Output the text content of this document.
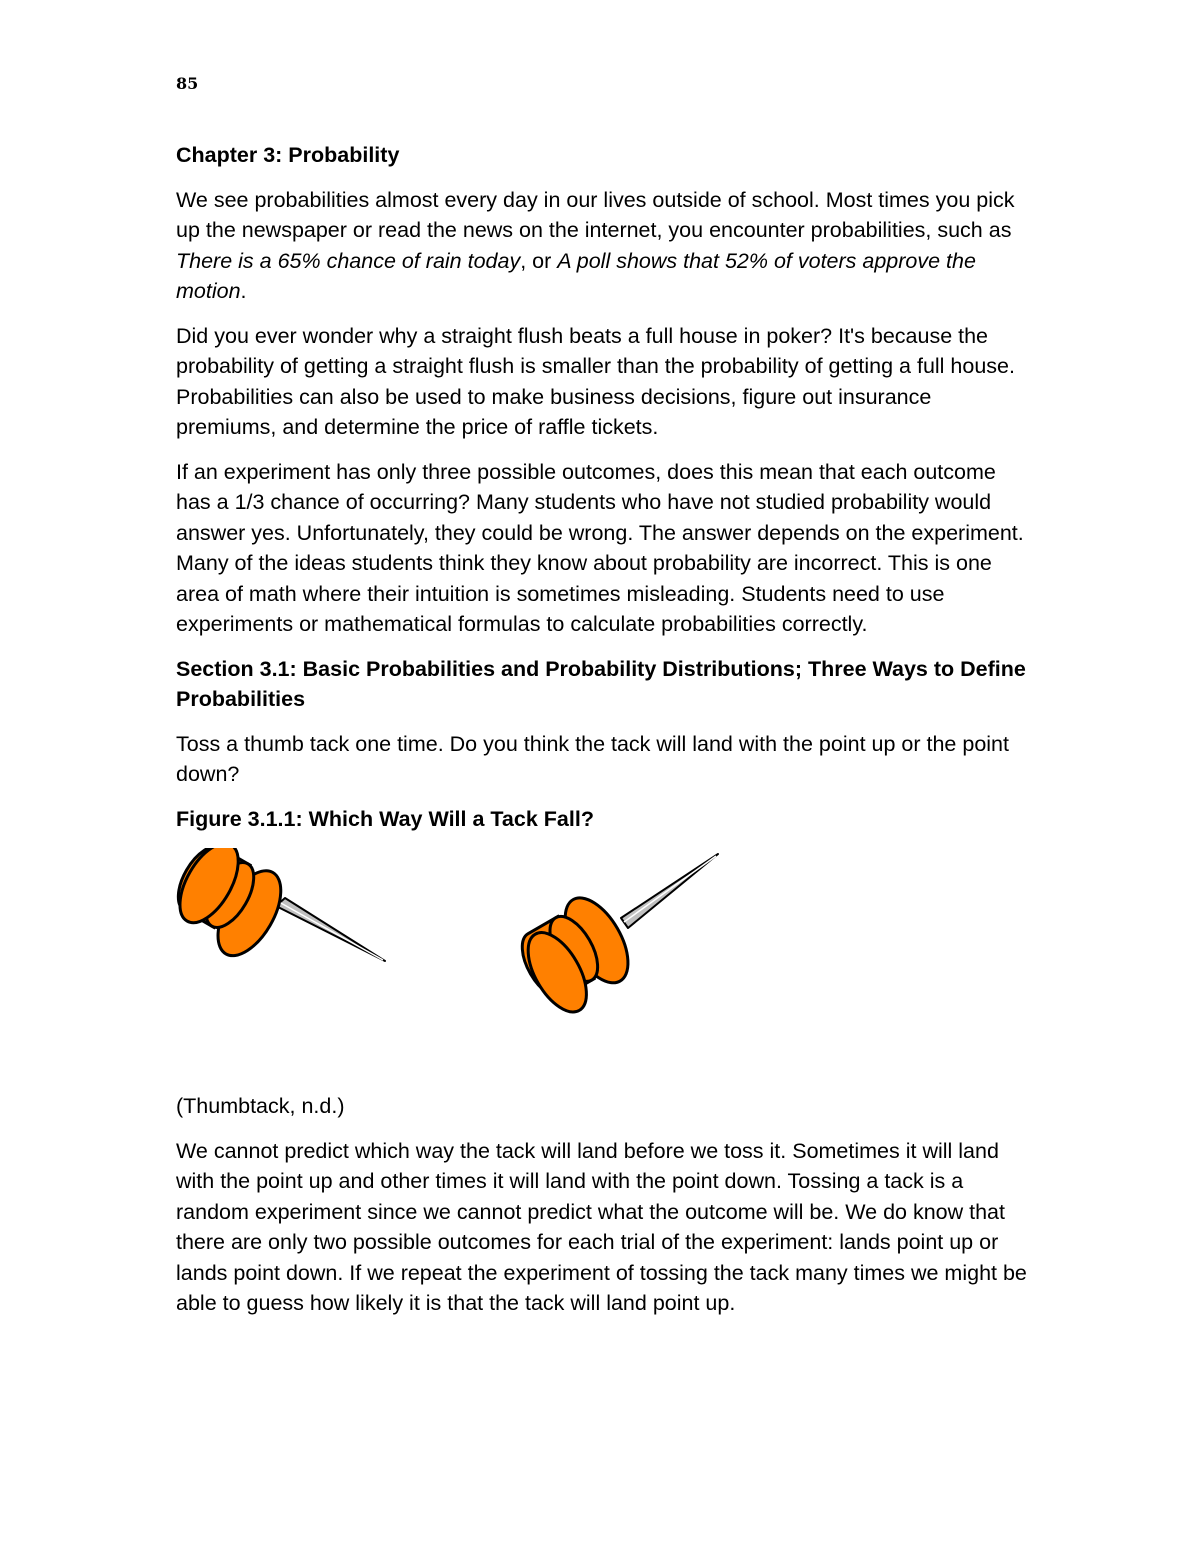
85

Chapter 3: Probability

We see probabilities almost every day in our lives outside of school. Most times you pick up the newspaper or read the news on the internet, you encounter probabilities, such as There is a 65% chance of rain today, or A poll shows that 52% of voters approve the motion.

Did you ever wonder why a straight flush beats a full house in poker? It's because the probability of getting a straight flush is smaller than the probability of getting a full house. Probabilities can also be used to make business decisions, figure out insurance premiums, and determine the price of raffle tickets.

If an experiment has only three possible outcomes, does this mean that each outcome has a 1/3 chance of occurring? Many students who have not studied probability would answer yes. Unfortunately, they could be wrong. The answer depends on the experiment. Many of the ideas students think they know about probability are incorrect. This is one area of math where their intuition is sometimes misleading. Students need to use experiments or mathematical formulas to calculate probabilities correctly.

Section 3.1: Basic Probabilities and Probability Distributions; Three Ways to Define Probabilities

Toss a thumb tack one time. Do you think the tack will land with the point up or the point down?

Figure 3.1.1: Which Way Will a Tack Fall?

(Thumbtack, n.d.)

We cannot predict which way the tack will land before we toss it. Sometimes it will land with the point up and other times it will land with the point down. Tossing a tack is a random experiment since we cannot predict what the outcome will be. We do know that there are only two possible outcomes for each trial of the experiment: lands point up or lands point down. If we repeat the experiment of tossing the tack many times we might be able to guess how likely it is that the tack will land point up.
